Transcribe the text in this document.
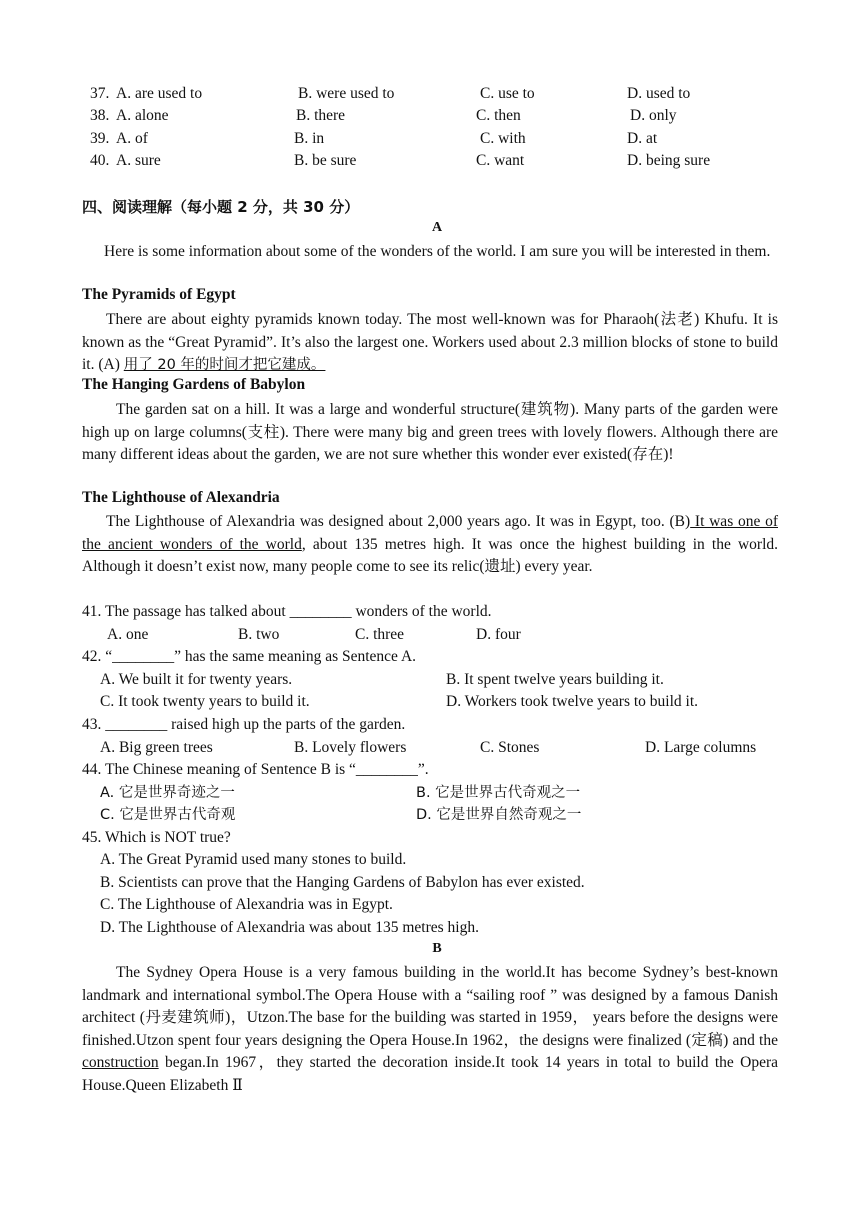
37. A. are used to	B. were used to	C. use to	D. used to
38. A. alone	B. there	C. then	D. only
39. A. of	B. in	C. with	D. at
40. A. sure	B. be sure	C. want	D. being sure
四、阅读理解（每小题 2 分，共 30 分）
A
Here is some information about some of the wonders of the world. I am sure you will be interested in them.
The Pyramids of Egypt
There are about eighty pyramids known today. The most well-known was for Pharaoh(法老) Khufu. It is known as the “Great Pyramid”. It’s also the largest one. Workers used about 2.3 million blocks of stone to build it. (A) 用了 20 年的时间才把它建成。
The Hanging Gardens of Babylon
The garden sat on a hill. It was a large and wonderful structure(建筑物). Many parts of the garden were high up on large columns(支柱). There were many big and green trees with lovely flowers. Although there are many different ideas about the garden, we are not sure whether this wonder ever existed(存在)!
The Lighthouse of Alexandria
The Lighthouse of Alexandria was designed about 2,000 years ago. It was in Egypt, too. (B) It was one of the ancient wonders of the world, about 135 metres high. It was once the highest building in the world. Although it doesn’t exist now, many people come to see its relic(遗址) every year.
41. The passage has talked about ________ wonders of the world.
A. one	B. two	C. three	D. four
42. “________” has the same meaning as Sentence A.
A. We built it for twenty years.	B. It spent twelve years building it.
C. It took twenty years to build it.	D. Workers took twelve years to build it.
43. ________ raised high up the parts of the garden.
A. Big green trees	B. Lovely flowers	C. Stones	D. Large columns
44. The Chinese meaning of Sentence B is “________”.
A. 它是世界奇迹之一	B. 它是世界古代奇观之一
C. 它是世界古代奇观	D. 它是世界自然奇观之一
45. Which is NOT true?
A. The Great Pyramid used many stones to build.
B. Scientists can prove that the Hanging Gardens of Babylon has ever existed.
C. The Lighthouse of Alexandria was in Egypt.
D. The Lighthouse of Alexandria was about 135 metres high.
B
The Sydney Opera House is a very famous building in the world.It has become Sydney’s best-known landmark and international symbol.The Opera House with a “sailing roof ” was designed by a famous Danish architect (丹麦建筑师)，Utzon.The base for the building was started in 1959， years before the designs were finished.Utzon spent four years designing the Opera House.In 1962，the designs were finalized (定稿) and the construction began.In 1967，they started the decoration inside.It took 14 years in total to build the Opera House.Queen Elizabeth Ⅱ
